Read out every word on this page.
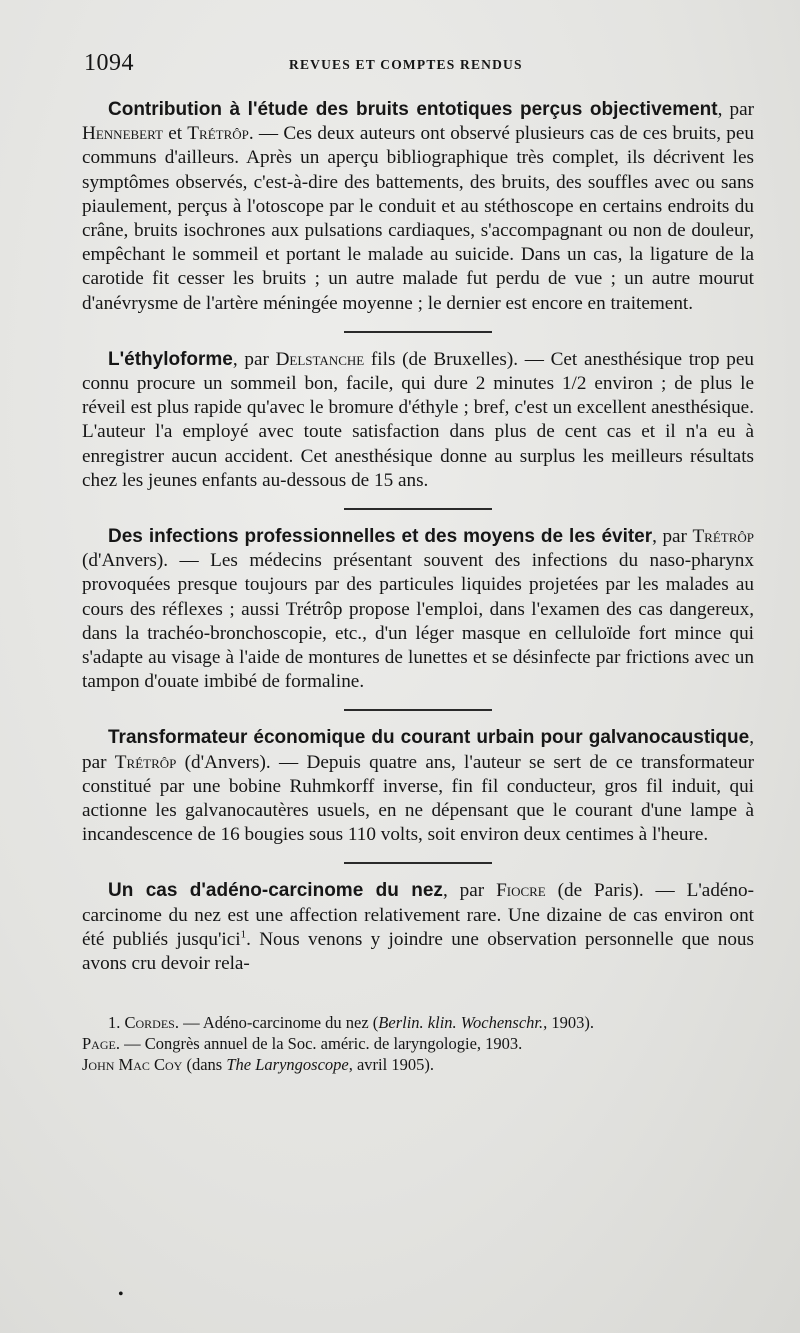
1094	REVUES ET COMPTES RENDUS

Contribution à l'étude des bruits entotiques perçus objectivement, par Hennebert et Trétrôp. — Ces deux auteurs ont observé plusieurs cas de ces bruits, peu communs d'ailleurs. Après un aperçu bibliographique très complet, ils décrivent les symptômes observés, c'est-à-dire des battements, des bruits, des souffles avec ou sans piaulement, perçus à l'otoscope par le conduit et au stéthoscope en certains endroits du crâne, bruits isochrones aux pulsations cardiaques, s'accompagnant ou non de douleur, empêchant le sommeil et portant le malade au suicide. Dans un cas, la ligature de la carotide fit cesser les bruits ; un autre malade fut perdu de vue ; un autre mourut d'anévrysme de l'artère méningée moyenne ; le dernier est encore en traitement.

L'éthyloforme, par Delstanche fils (de Bruxelles). — Cet anesthésique trop peu connu procure un sommeil bon, facile, qui dure 2 minutes 1/2 environ ; de plus le réveil est plus rapide qu'avec le bromure d'éthyle ; bref, c'est un excellent anesthésique. L'auteur l'a employé avec toute satisfaction dans plus de cent cas et il n'a eu à enregistrer aucun accident. Cet anesthésique donne au surplus les meilleurs résultats chez les jeunes enfants au-dessous de 15 ans.

Des infections professionnelles et des moyens de les éviter, par Trétrôp (d'Anvers). — Les médecins présentant souvent des infections du naso-pharynx provoquées presque toujours par des particules liquides projetées par les malades au cours des réflexes ; aussi Trétrôp propose l'emploi, dans l'examen des cas dangereux, dans la trachéo-bronchoscopie, etc., d'un léger masque en celluloïde fort mince qui s'adapte au visage à l'aide de montures de lunettes et se désinfecte par frictions avec un tampon d'ouate imbibé de formaline.

Transformateur économique du courant urbain pour galvanocaustique, par Trétrôp (d'Anvers). — Depuis quatre ans, l'auteur se sert de ce transformateur constitué par une bobine Ruhmkorff inverse, fin fil conducteur, gros fil induit, qui actionne les galvanocautères usuels, en ne dépensant que le courant d'une lampe à incandescence de 16 bougies sous 110 volts, soit environ deux centimes à l'heure.

Un cas d'adéno-carcinome du nez, par Fiocre (de Paris). — L'adéno-carcinome du nez est une affection relativement rare. Une dizaine de cas environ ont été publiés jusqu'ici$^1$. Nous venons y joindre une observation personnelle que nous avons cru devoir rela-

1. Cordes. — Adéno-carcinome du nez (Berlin. klin. Wochenschr., 1903).

Page. — Congrès annuel de la Soc. améric. de laryngologie, 1903.

John Mac Coy (dans The Laryngoscope, avril 1905).

•
